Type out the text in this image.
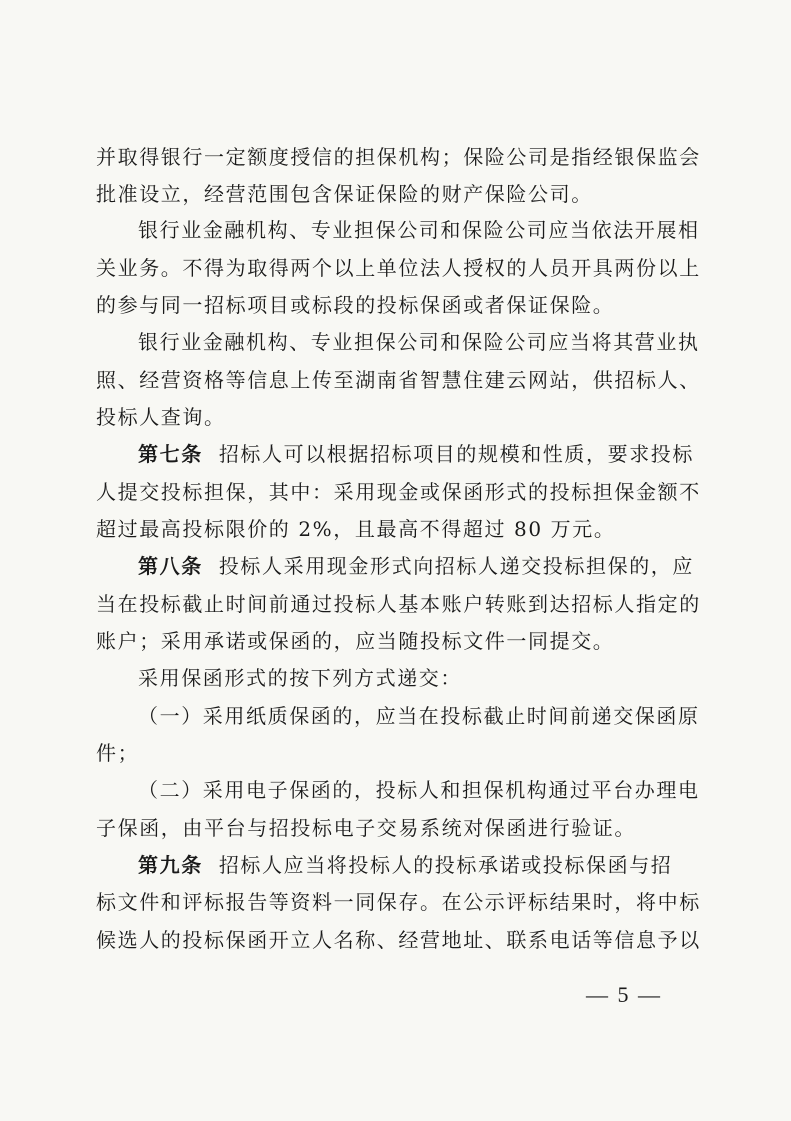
并取得银行一定额度授信的担保机构；保险公司是指经银保监会
批准设立，经营范围包含保证保险的财产保险公司。
银行业金融机构、专业担保公司和保险公司应当依法开展相
关业务。不得为取得两个以上单位法人授权的人员开具两份以上
的参与同一招标项目或标段的投标保函或者保证保险。
银行业金融机构、专业担保公司和保险公司应当将其营业执
照、经营资格等信息上传至湖南省智慧住建云网站，供招标人、
投标人查询。
第七条 招标人可以根据招标项目的规模和性质，要求投标
人提交投标担保，其中：采用现金或保函形式的投标担保金额不
超过最高投标限价的 2%，且最高不得超过 80 万元。
第八条 投标人采用现金形式向招标人递交投标担保的，应
当在投标截止时间前通过投标人基本账户转账到达招标人指定的
账户；采用承诺或保函的，应当随投标文件一同提交。
采用保函形式的按下列方式递交：
（一）采用纸质保函的，应当在投标截止时间前递交保函原
件；
（二）采用电子保函的，投标人和担保机构通过平台办理电
子保函，由平台与招投标电子交易系统对保函进行验证。
第九条 招标人应当将投标人的投标承诺或投标保函与招
标文件和评标报告等资料一同保存。在公示评标结果时，将中标
候选人的投标保函开立人名称、经营地址、联系电话等信息予以
— 5 —
